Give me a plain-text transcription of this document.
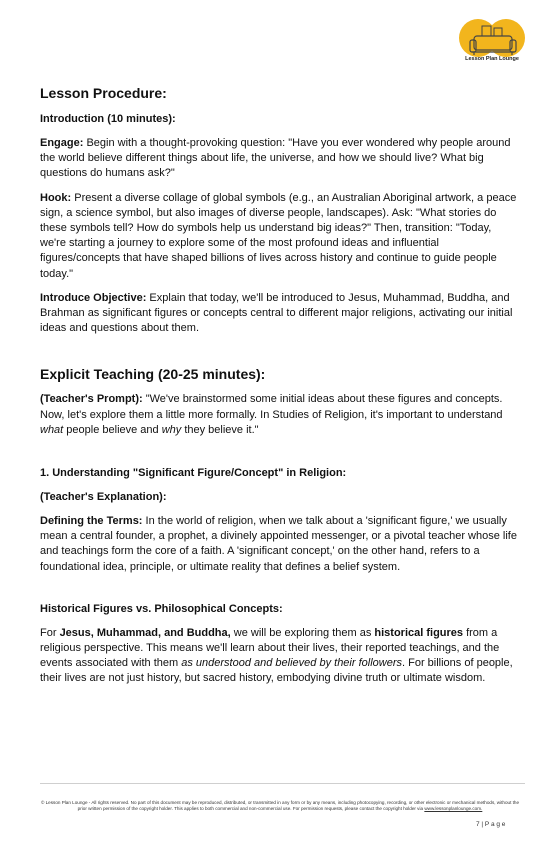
Lesson Plan Lounge
Lesson Procedure:
Introduction (10 minutes):

Engage: Begin with a thought-provoking question: "Have you ever wondered why people around the world believe different things about life, the universe, and how we should live? What big questions do humans ask?"

Hook: Present a diverse collage of global symbols (e.g., an Australian Aboriginal artwork, a peace sign, a science symbol, but also images of diverse people, landscapes). Ask: "What stories do these symbols tell? How do symbols help us understand big ideas?" Then, transition: "Today, we're starting a journey to explore some of the most profound ideas and influential figures/concepts that have shaped billions of lives across history and continue to guide people today."

Introduce Objective: Explain that today, we'll be introduced to Jesus, Muhammad, Buddha, and Brahman as significant figures or concepts central to different major religions, activating our initial ideas and questions about them.

Explicit Teaching (20-25 minutes):

(Teacher's Prompt): "We've brainstormed some initial ideas about these figures and concepts. Now, let's explore them a little more formally. In Studies of Religion, it's important to understand what people believe and why they believe it."

1. Understanding "Significant Figure/Concept" in Religion:
(Teacher's Explanation):

Defining the Terms: In the world of religion, when we talk about a 'significant figure,' we usually mean a central founder, a prophet, a divinely appointed messenger, or a pivotal teacher whose life and teachings form the core of a faith. A 'significant concept,' on the other hand, refers to a foundational idea, principle, or ultimate reality that defines a belief system.

Historical Figures vs. Philosophical Concepts:

For Jesus, Muhammad, and Buddha, we will be exploring them as historical figures from a religious perspective. This means we'll learn about their lives, their reported teachings, and the events associated with them as understood and believed by their followers. For billions of people, their lives are not just history, but sacred history, embodying divine truth or ultimate wisdom.

© Lesson Plan Lounge - All rights reserved. No part of this document may be reproduced, distributed, or transmitted in any form or by any means, including photocopying, recording, or other electronic or mechanical methods, without the prior written permission of the copyright holder. This applies to both commercial and non-commercial use. For permission requests, please contact the copyright holder via www.lessonplanlounge.com.
7 | P a g e
